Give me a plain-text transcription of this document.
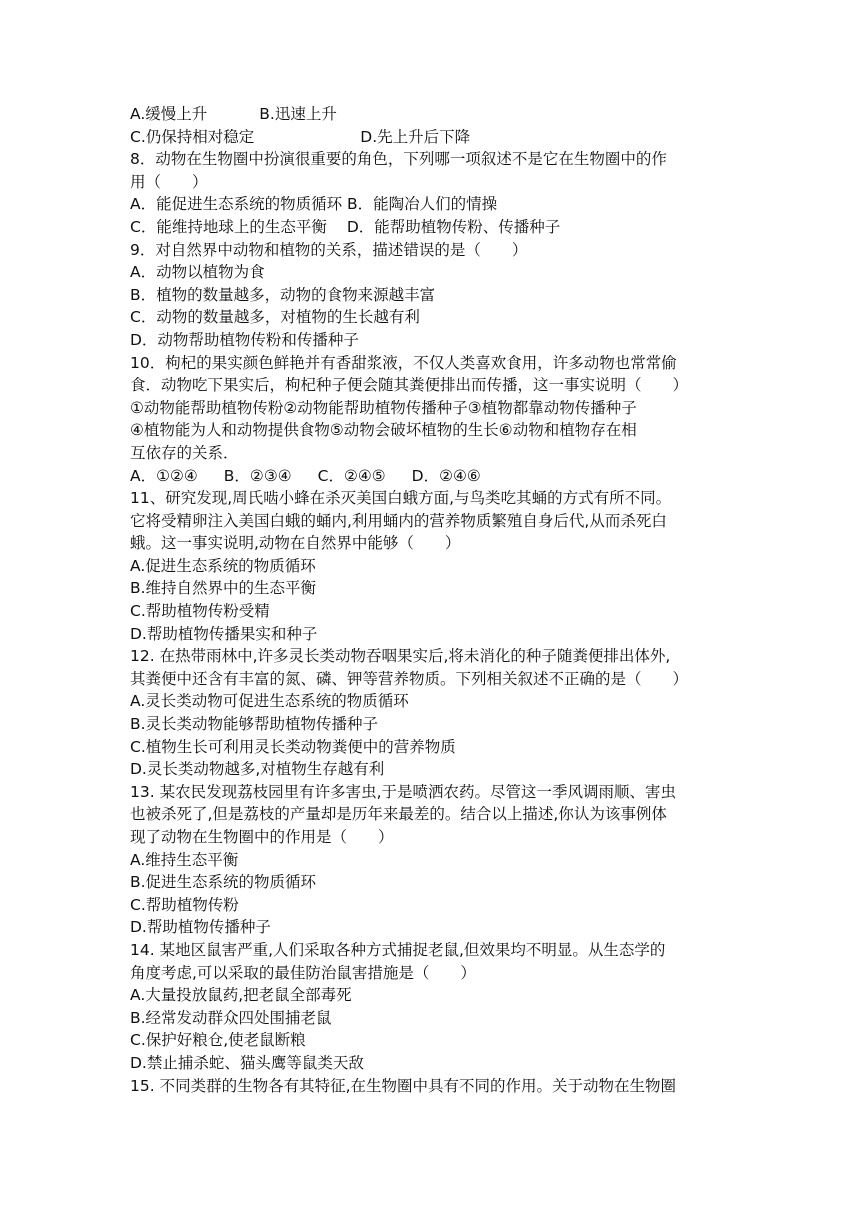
A.缓慢上升	B.迅速上升
C.仍保持相对稳定	D.先上升后下降
8．动物在生物圈中扮演很重要的角色，下列哪一项叙述不是它在生物圈中的作
用（　　）
A．能促进生态系统的物质循环 B．能陶冶人们的情操
C．能维持地球上的生态平衡 D．能帮助植物传粉、传播种子
9．对自然界中动物和植物的关系，描述错误的是（　　）
A．动物以植物为食
B．植物的数量越多，动物的食物来源越丰富
C．动物的数量越多，对植物的生长越有利
D．动物帮助植物传粉和传播种子
10．枸杞的果实颜色鲜艳并有香甜浆液，不仅人类喜欢食用，许多动物也常常偷
食．动物吃下果实后，枸杞种子便会随其粪便排出而传播，这一事实说明（　　）
①动物能帮助植物传粉②动物能帮助植物传播种子③植物都靠动物传播种子
④植物能为人和动物提供食物⑤动物会破坏植物的生长⑥动物和植物存在相
互依存的关系．
A．①②④ B．②③④ C．②④⑤ D．②④⑥
11、研究发现,周氏啮小蜂在杀灭美国白蛾方面,与鸟类吃其蛹的方式有所不同。
它将受精卵注入美国白蛾的蛹内,利用蛹内的营养物质繁殖自身后代,从而杀死白
蛾。这一事实说明,动物在自然界中能够（　　）
A.促进生态系统的物质循环
B.维持自然界中的生态平衡
C.帮助植物传粉受精
D.帮助植物传播果实和种子
12. 在热带雨林中,许多灵长类动物吞咽果实后,将未消化的种子随粪便排出体外,
其粪便中还含有丰富的氮、磷、钾等营养物质。下列相关叙述不正确的是（　　）
A.灵长类动物可促进生态系统的物质循环
B.灵长类动物能够帮助植物传播种子
C.植物生长可利用灵长类动物粪便中的营养物质
D.灵长类动物越多,对植物生存越有利
13. 某农民发现荔枝园里有许多害虫,于是喷洒农药。尽管这一季风调雨顺、害虫
也被杀死了,但是荔枝的产量却是历年来最差的。结合以上描述,你认为该事例体
现了动物在生物圈中的作用是（　　）
A.维持生态平衡
B.促进生态系统的物质循环
C.帮助植物传粉
D.帮助植物传播种子
14. 某地区鼠害严重,人们采取各种方式捕捉老鼠,但效果均不明显。从生态学的
角度考虑,可以采取的最佳防治鼠害措施是（　　）
A.大量投放鼠药,把老鼠全部毒死
B.经常发动群众四处围捕老鼠
C.保护好粮仓,使老鼠断粮
D.禁止捕杀蛇、猫头鹰等鼠类天敌
15. 不同类群的生物各有其特征,在生物圈中具有不同的作用。关于动物在生物圈
